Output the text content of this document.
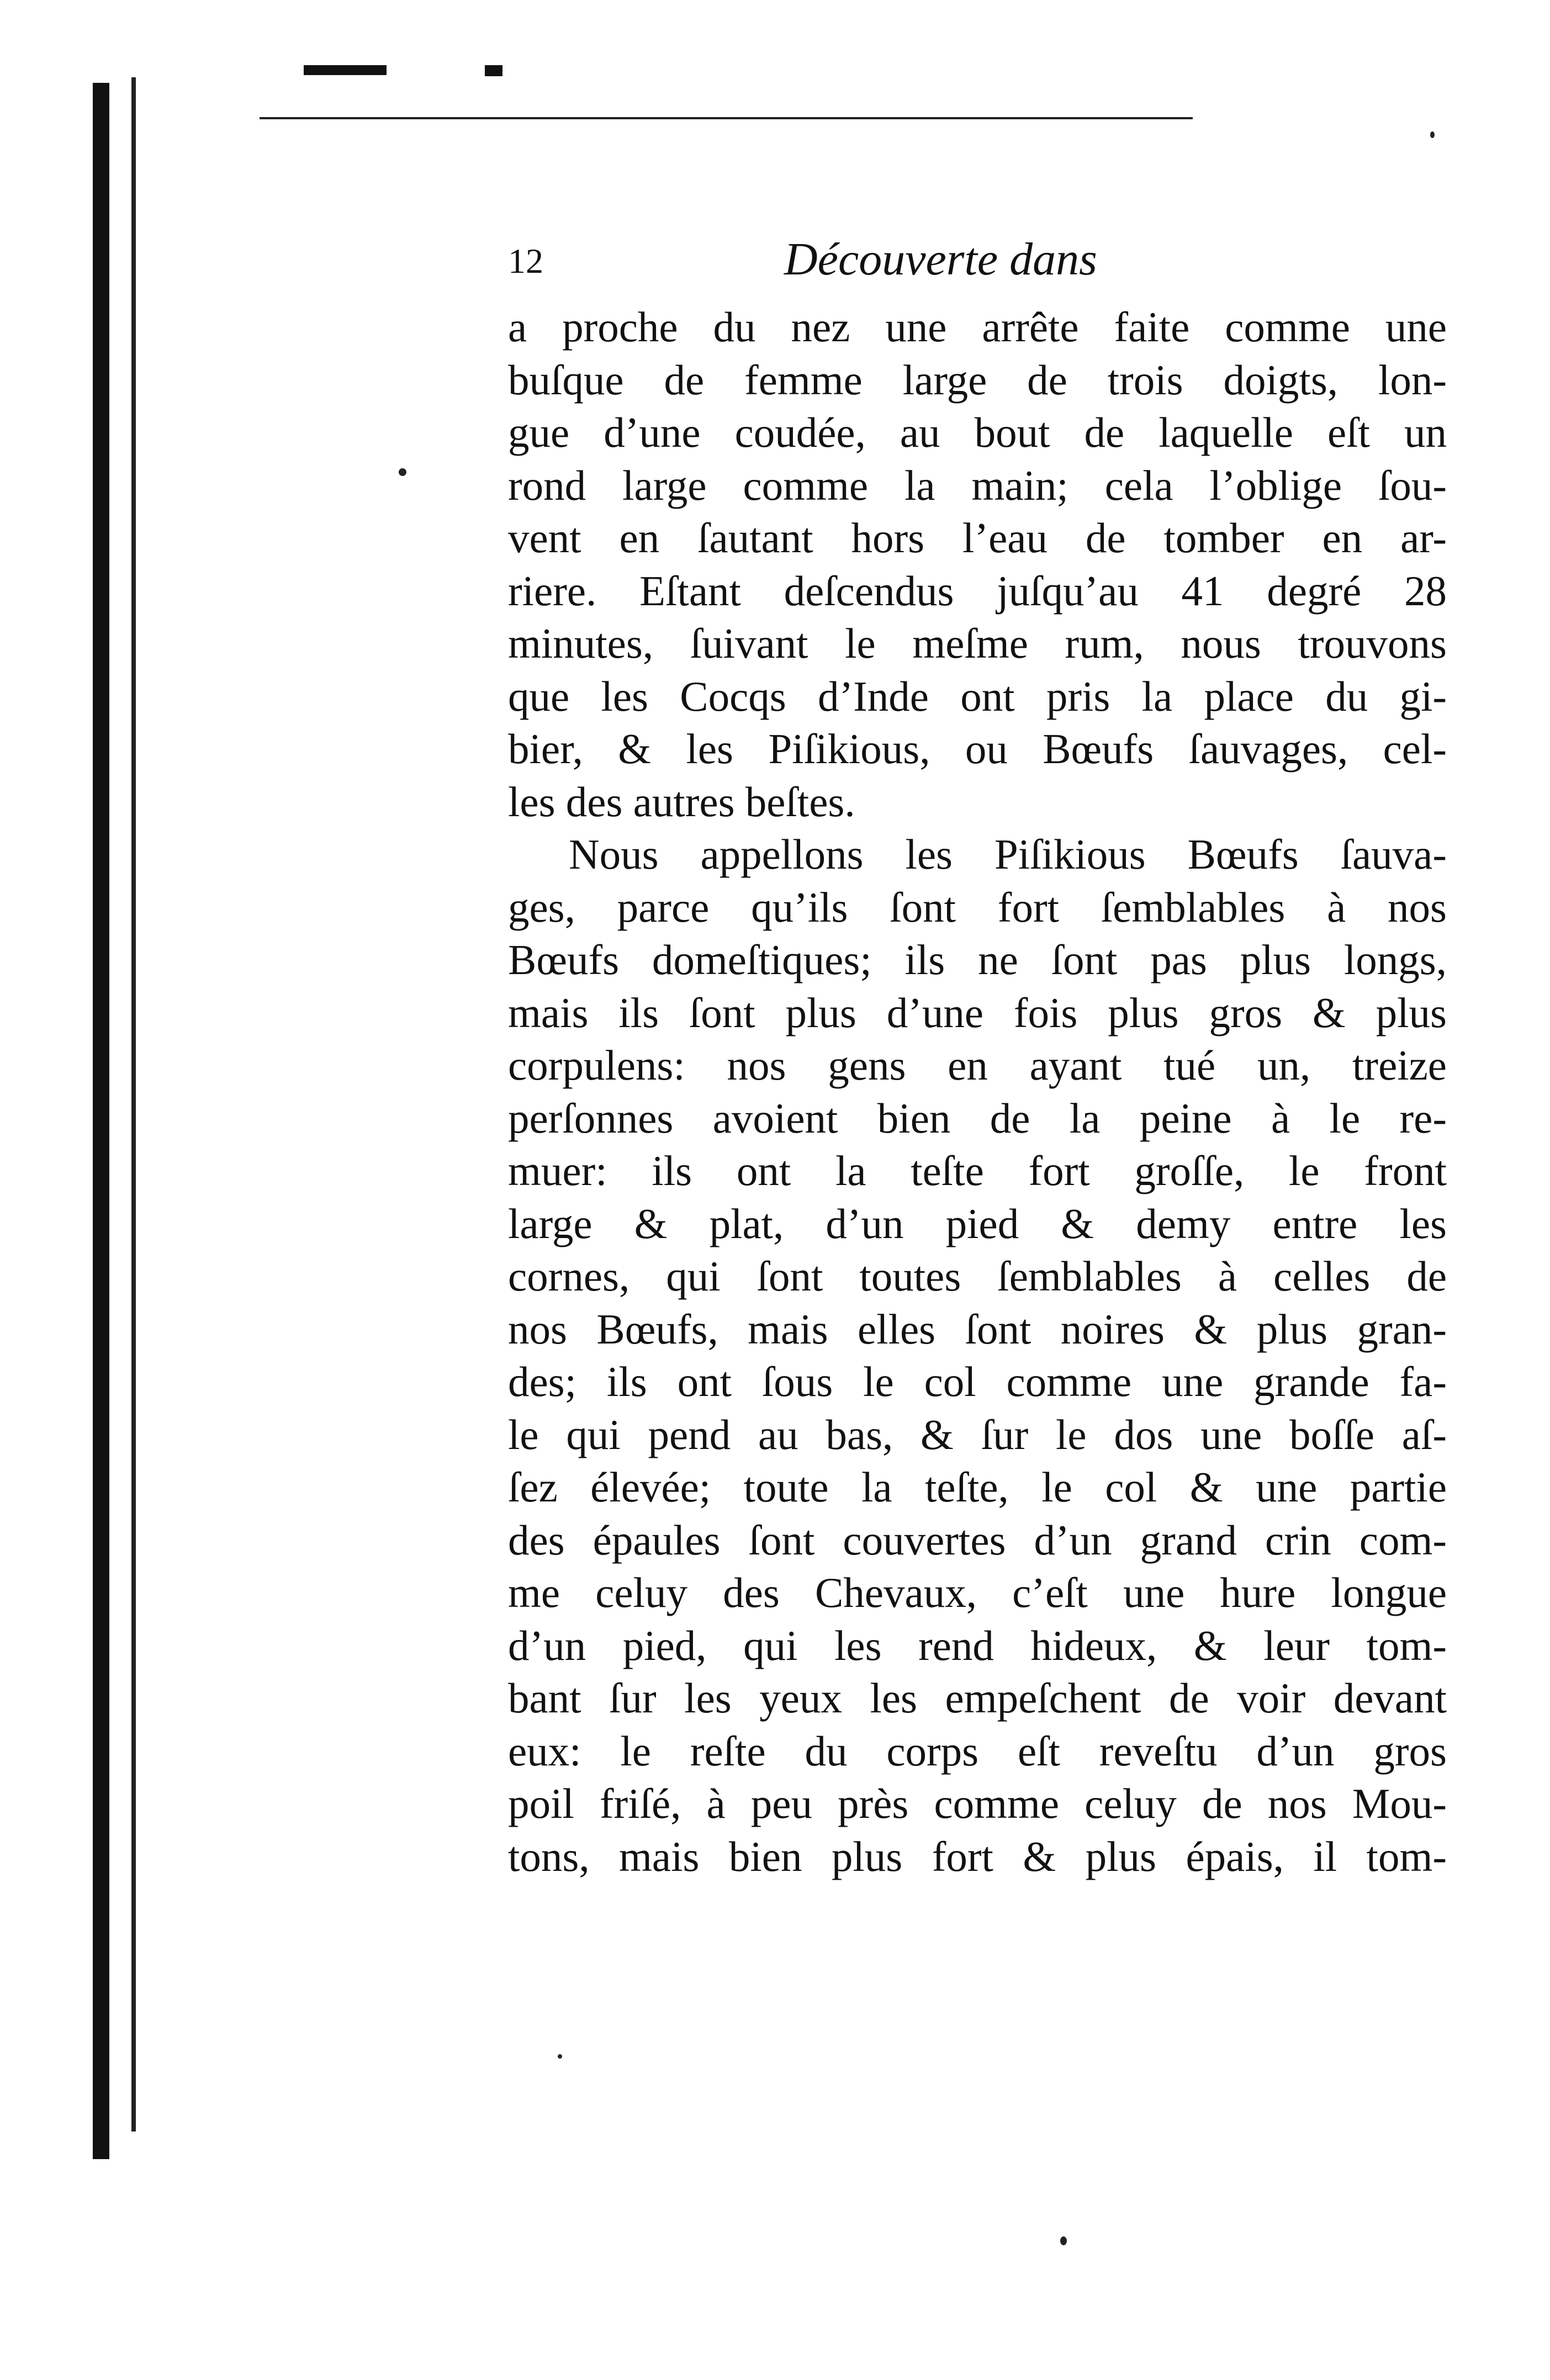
12	Découverte dans
a proche du nez une arrête faite comme une
buſque de femme large de trois doigts, lon-
gue d’une coudée, au bout de laquelle eſt un
rond large comme la main; cela l’oblige ſou-
vent en ſautant hors l’eau de tomber en ar-
riere. Eſtant deſcendus juſqu’au 41 degré 28
minutes, ſuivant le meſme rum, nous trouvons
que les Cocqs d’Inde ont pris la place du gi-
bier, & les Piſikious, ou Bœufs ſauvages, cel-
les des autres beſtes.
Nous appellons les Piſikious Bœufs ſauva-
ges, parce qu’ils ſont fort ſemblables à nos
Bœufs domeſtiques; ils ne ſont pas plus longs,
mais ils ſont plus d’une fois plus gros & plus
corpulens: nos gens en ayant tué un, treize
perſonnes avoient bien de la peine à le re-
muer: ils ont la teſte fort groſſe, le front
large & plat, d’un pied & demy entre les
cornes, qui ſont toutes ſemblables à celles de
nos Bœufs, mais elles ſont noires & plus gran-
des; ils ont ſous le col comme une grande fa-
le qui pend au bas, & ſur le dos une boſſe aſ-
ſez élevée; toute la teſte, le col & une partie
des épaules ſont couvertes d’un grand crin com-
me celuy des Chevaux, c’eſt une hure longue
d’un pied, qui les rend hideux, & leur tom-
bant ſur les yeux les empeſchent de voir devant
eux: le reſte du corps eſt reveſtu d’un gros
poil friſé, à peu près comme celuy de nos Mou-
tons, mais bien plus fort & plus épais, il tom-
